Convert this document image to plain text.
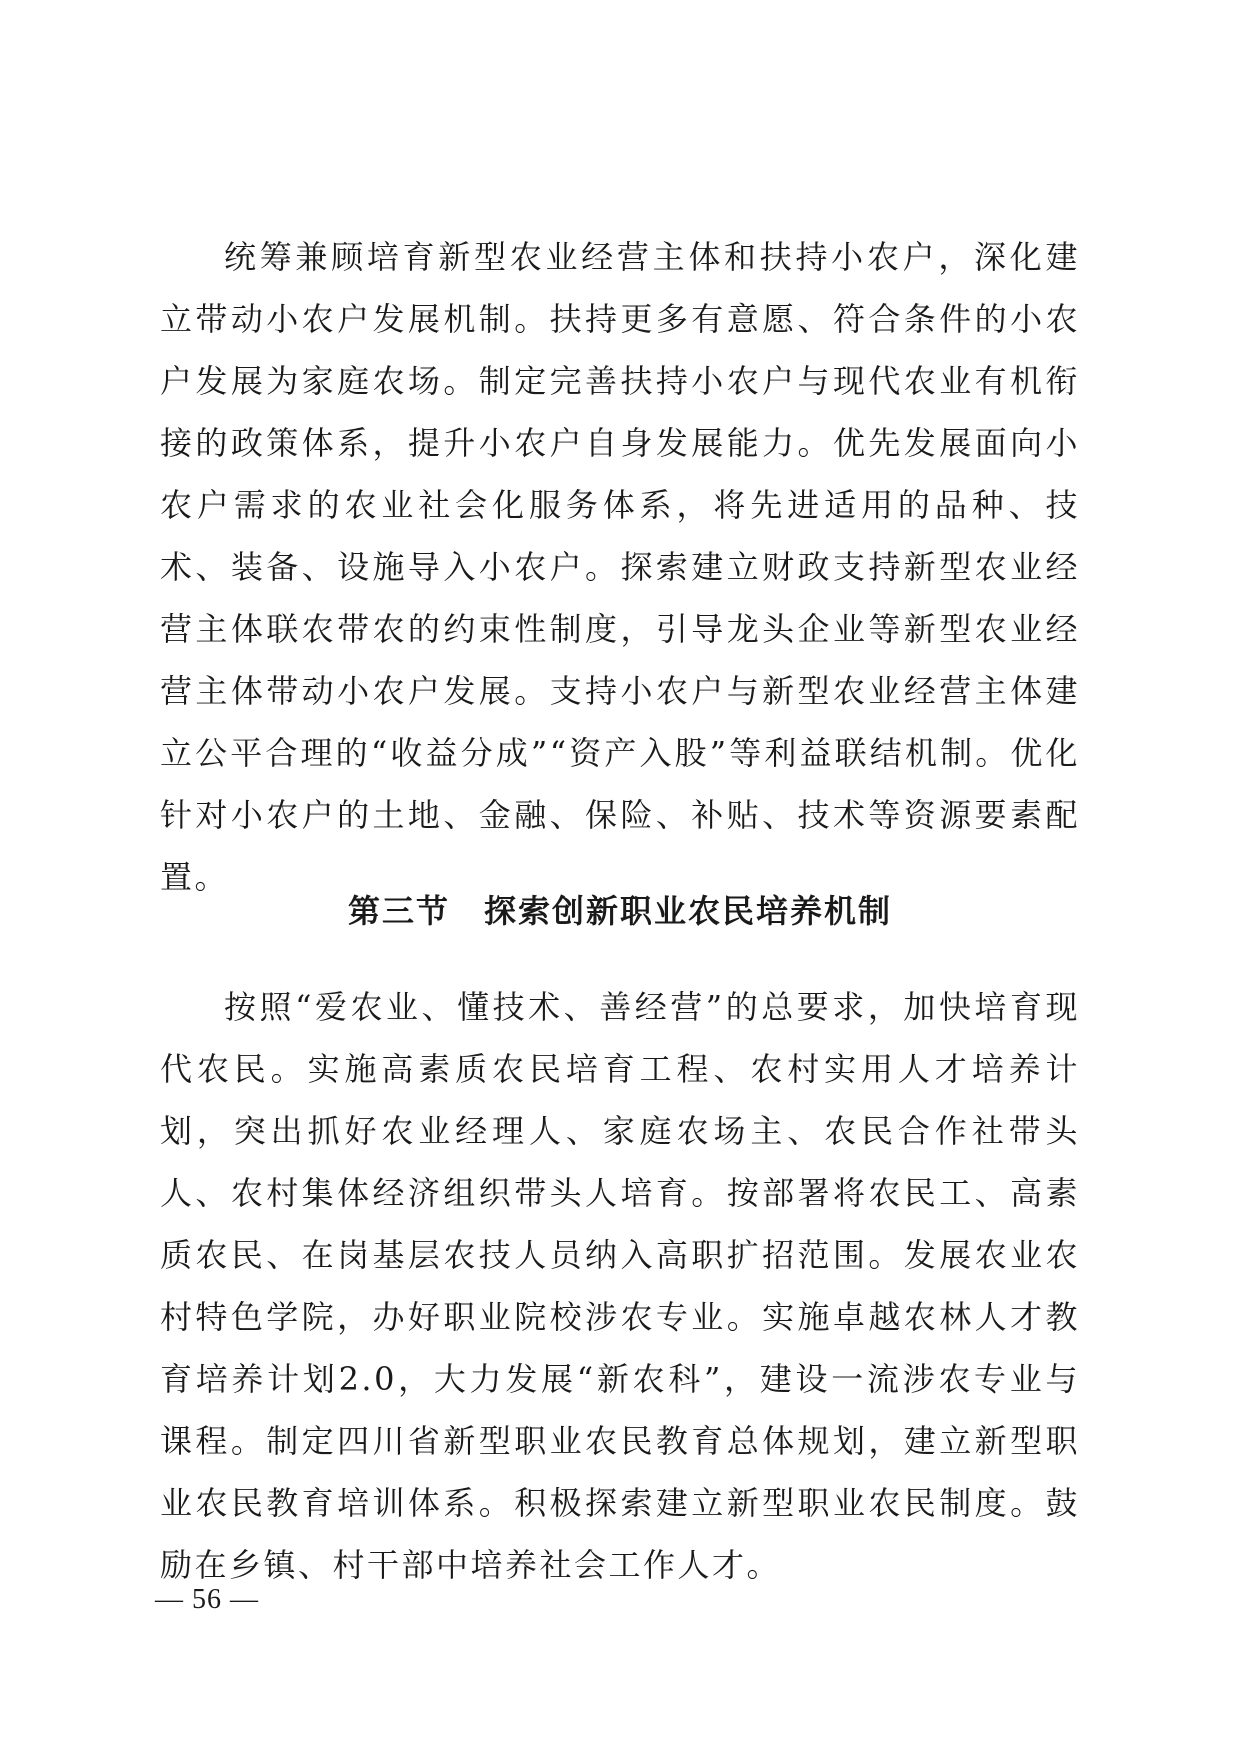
统筹兼顾培育新型农业经营主体和扶持小农户，深化建立带动小农户发展机制。扶持更多有意愿、符合条件的小农户发展为家庭农场。制定完善扶持小农户与现代农业有机衔接的政策体系，提升小农户自身发展能力。优先发展面向小农户需求的农业社会化服务体系，将先进适用的品种、技术、装备、设施导入小农户。探索建立财政支持新型农业经营主体联农带农的约束性制度，引导龙头企业等新型农业经营主体带动小农户发展。支持小农户与新型农业经营主体建立公平合理的“收益分成”“资产入股”等利益联结机制。优化针对小农户的土地、金融、保险、补贴、技术等资源要素配置。

第三节　探索创新职业农民培养机制

按照“爱农业、懂技术、善经营”的总要求，加快培育现代农民。实施高素质农民培育工程、农村实用人才培养计划，突出抓好农业经理人、家庭农场主、农民合作社带头人、农村集体经济组织带头人培育。按部署将农民工、高素质农民、在岗基层农技人员纳入高职扩招范围。发展农业农村特色学院，办好职业院校涉农专业。实施卓越农林人才教育培养计划2.0，大力发展“新农科”，建设一流涉农专业与课程。制定四川省新型职业农民教育总体规划，建立新型职业农民教育培训体系。积极探索建立新型职业农民制度。鼓励在乡镇、村干部中培养社会工作人才。

— 56 —
